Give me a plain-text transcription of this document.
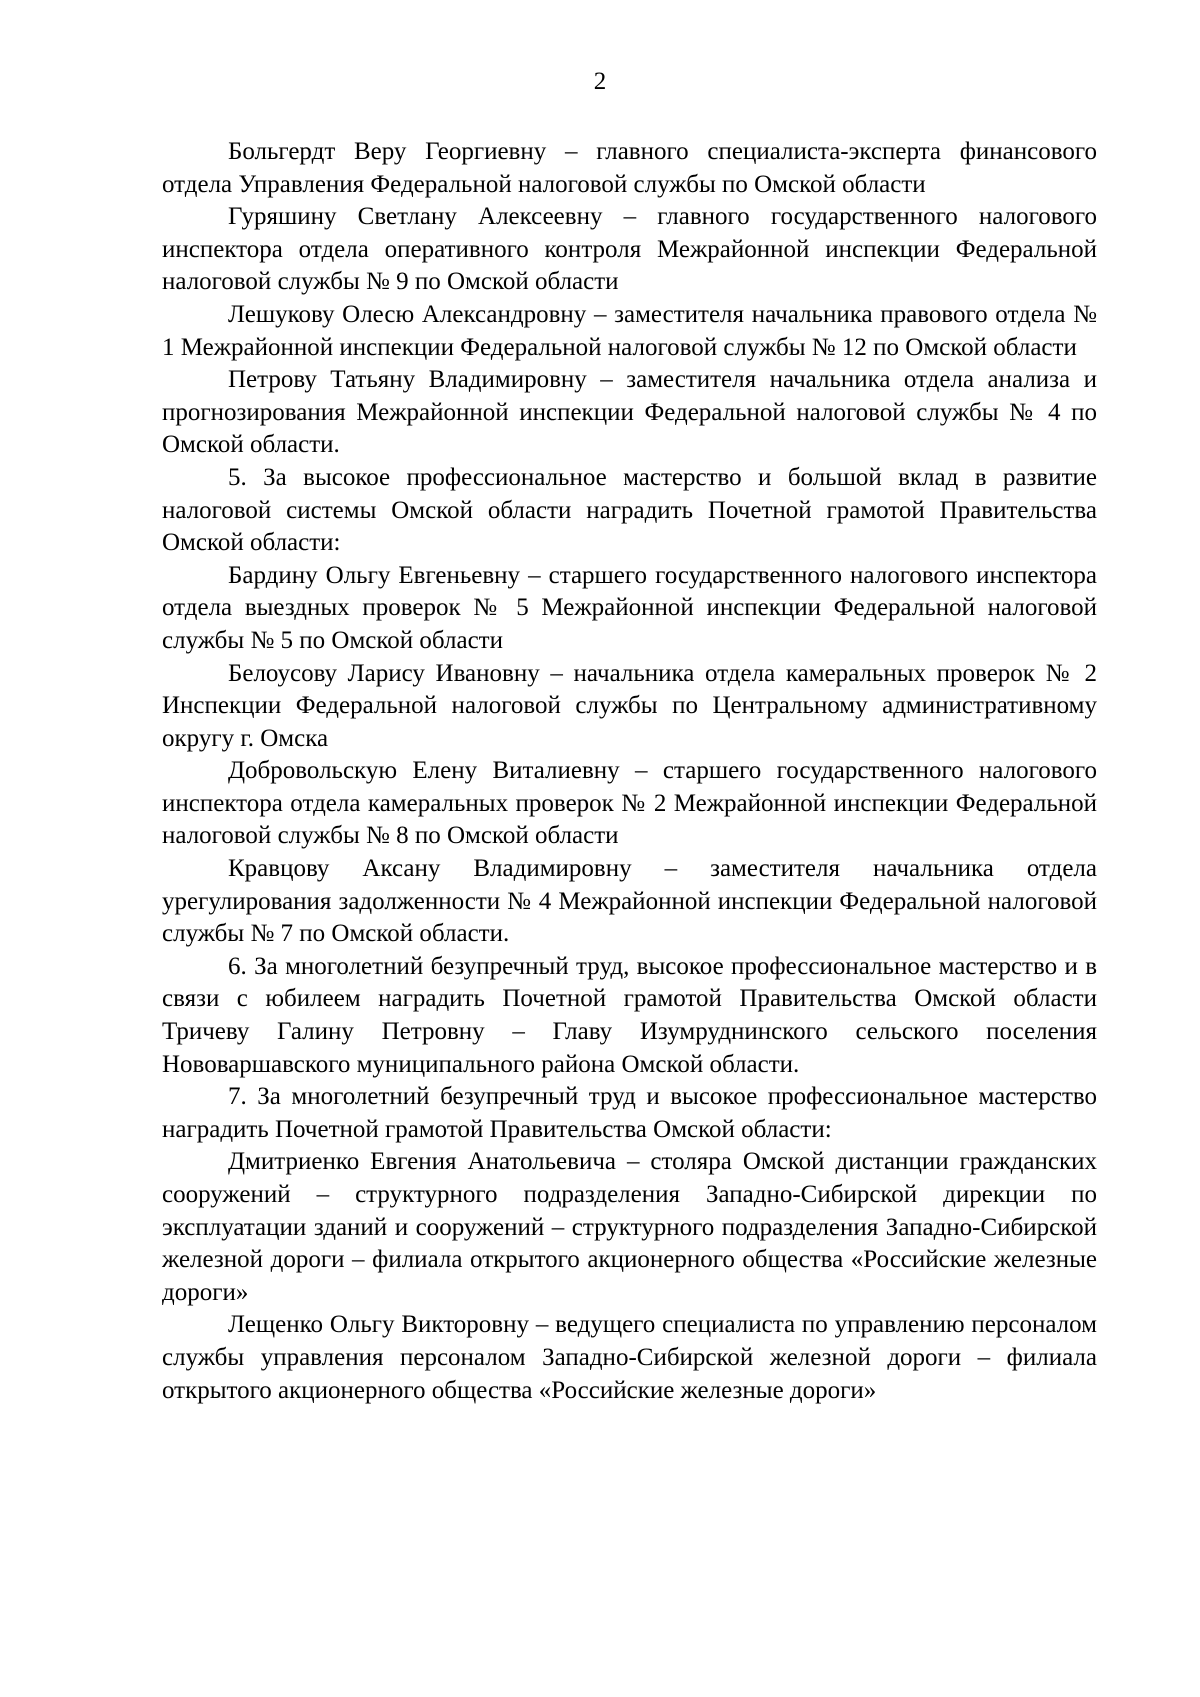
2

Больгердт Веру Георгиевну – главного специалиста-эксперта финансового отдела Управления Федеральной налоговой службы по Омской области

Гуряшину Светлану Алексеевну – главного государственного налогового инспектора отдела оперативного контроля Межрайонной инспекции Федеральной налоговой службы № 9 по Омской области

Лешукову Олесю Александровну – заместителя начальника правового отдела № 1 Межрайонной инспекции Федеральной налоговой службы № 12 по Омской области

Петрову Татьяну Владимировну – заместителя начальника отдела анализа и прогнозирования Межрайонной инспекции Федеральной налоговой службы № 4 по Омской области.

5. За высокое профессиональное мастерство и большой вклад в развитие налоговой системы Омской области наградить Почетной грамотой Правительства Омской области:

Бардину Ольгу Евгеньевну – старшего государственного налогового инспектора отдела выездных проверок № 5 Межрайонной инспекции Федеральной налоговой службы № 5 по Омской области

Белоусову Ларису Ивановну – начальника отдела камеральных проверок № 2 Инспекции Федеральной налоговой службы по Центральному административному округу г. Омска

Добровольскую Елену Виталиевну – старшего государственного налогового инспектора отдела камеральных проверок № 2 Межрайонной инспекции Федеральной налоговой службы № 8 по Омской области

Кравцову Аксану Владимировну – заместителя начальника отдела урегулирования задолженности № 4 Межрайонной инспекции Федеральной налоговой службы № 7 по Омской области.

6. За многолетний безупречный труд, высокое профессиональное мастерство и в связи с юбилеем наградить Почетной грамотой Правительства Омской области Тричеву Галину Петровну – Главу Изумруднинского сельского поселения Нововаршавского муниципального района Омской области.

7. За многолетний безупречный труд и высокое профессиональное мастерство наградить Почетной грамотой Правительства Омской области:

Дмитриенко Евгения Анатольевича – столяра Омской дистанции гражданских сооружений – структурного подразделения Западно-Сибирской дирекции по эксплуатации зданий и сооружений – структурного подразделения Западно-Сибирской железной дороги – филиала открытого акционерного общества «Российские железные дороги»

Лещенко Ольгу Викторовну – ведущего специалиста по управлению персоналом службы управления персоналом Западно-Сибирской железной дороги – филиала открытого акционерного общества «Российские железные дороги»
